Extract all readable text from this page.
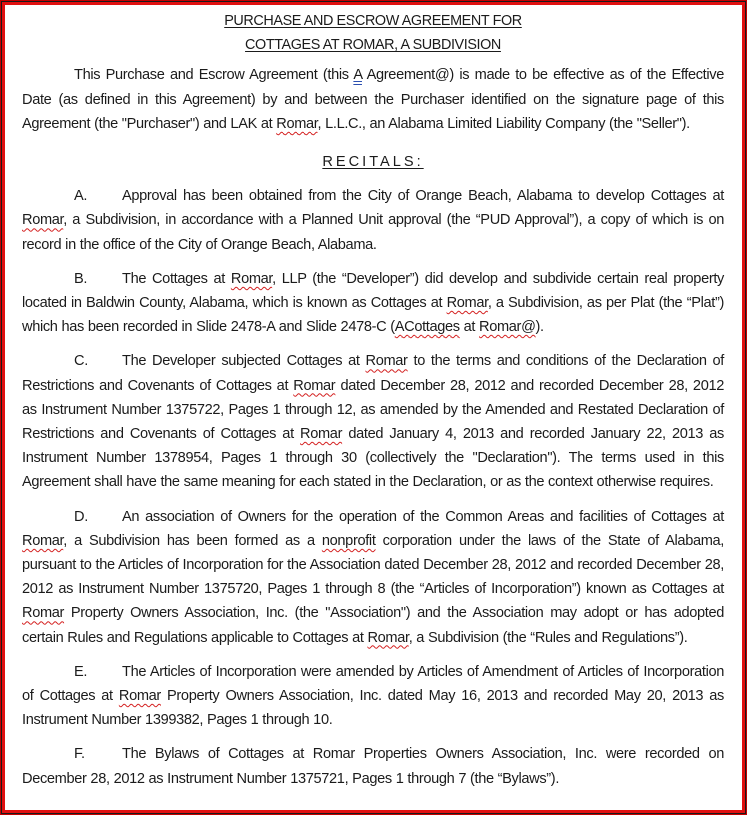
PURCHASE AND ESCROW AGREEMENT FOR

COTTAGES AT ROMAR, A SUBDIVISION

This Purchase and Escrow Agreement (this A Agreement@) is made to be effective as of the Effective Date (as defined in this Agreement) by and between the Purchaser identified on the signature page of this Agreement (the "Purchaser") and LAK at Romar, L.L.C., an Alabama Limited Liability Company (the "Seller").

RECITALS:

A. Approval has been obtained from the City of Orange Beach, Alabama to develop Cottages at Romar, a Subdivision, in accordance with a Planned Unit approval (the “PUD Approval”), a copy of which is on record in the office of the City of Orange Beach, Alabama.

B. The Cottages at Romar, LLP (the “Developer”) did develop and subdivide certain real property located in Baldwin County, Alabama, which is known as Cottages at Romar, a Subdivision, as per Plat (the “Plat”) which has been recorded in Slide 2478-A and Slide 2478-C (ACottages at Romar@).

C. The Developer subjected Cottages at Romar to the terms and conditions of the Declaration of Restrictions and Covenants of Cottages at Romar dated December 28, 2012 and recorded December 28, 2012 as Instrument Number 1375722, Pages 1 through 12, as amended by the Amended and Restated Declaration of Restrictions and Covenants of Cottages at Romar dated January 4, 2013 and recorded January 22, 2013 as Instrument Number 1378954, Pages 1 through 30 (collectively the "Declaration"). The terms used in this Agreement shall have the same meaning for each stated in the Declaration, or as the context otherwise requires.

D. An association of Owners for the operation of the Common Areas and facilities of Cottages at Romar, a Subdivision has been formed as a nonprofit corporation under the laws of the State of Alabama, pursuant to the Articles of Incorporation for the Association dated December 28, 2012 and recorded December 28, 2012 as Instrument Number 1375720, Pages 1 through 8 (the “Articles of Incorporation”) known as Cottages at Romar Property Owners Association, Inc. (the "Association") and the Association may adopt or has adopted certain Rules and Regulations applicable to Cottages at Romar, a Subdivision (the “Rules and Regulations”).

E. The Articles of Incorporation were amended by Articles of Amendment of Articles of Incorporation of Cottages at Romar Property Owners Association, Inc. dated May 16, 2013 and recorded May 20, 2013 as Instrument Number 1399382, Pages 1 through 10.

F.	The Bylaws of Cottages at Romar Properties Owners Association, Inc. were recorded on December 28, 2012 as Instrument Number 1375721, Pages 1 through 7 (the “Bylaws”).
